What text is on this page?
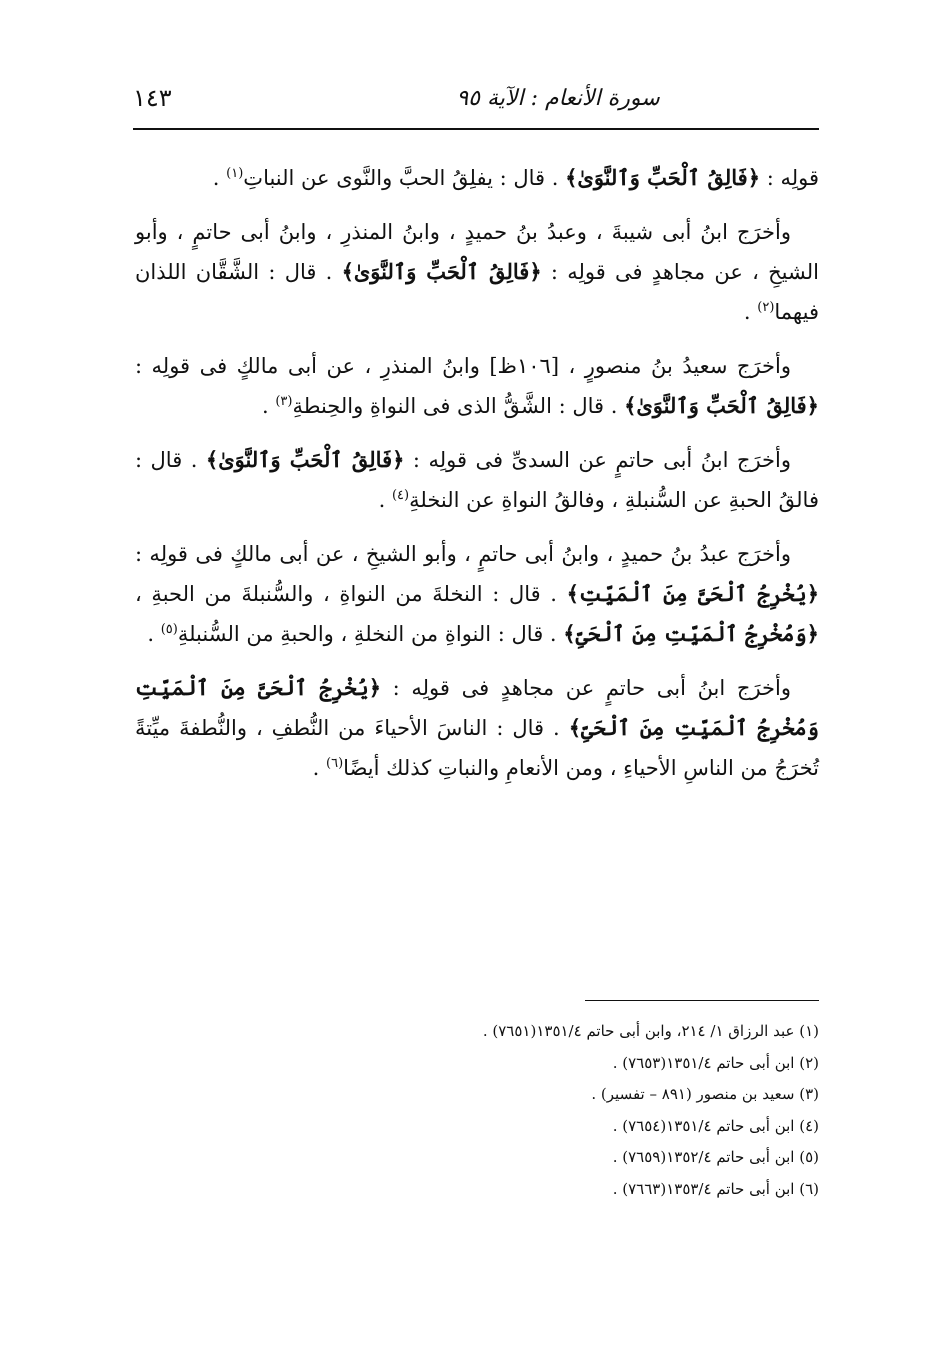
١٤٣	سورة الأنعام : الآية ٩٥

قولِه : ﴿فَالِقُ ٱلْحَبِّ وَٱلنَّوَىٰ﴾ . قال : يفلِقُ الحبَّ والنَّوى عن النباتِ$^{(١)}$ .

وأخرَج ابنُ أبى شيبةَ ، وعبدُ بنُ حميدٍ ، وابنُ المنذرِ ، وابنُ أبى حاتمٍ ، وأبو الشيخِ ، عن مجاهدٍ فى قولِه : ﴿فَالِقُ ٱلْحَبِّ وَٱلنَّوَىٰ﴾ . قال : الشَّقَّان اللذان فيهما$^{(٢)}$ .

وأخرَج سعيدُ بنُ منصورٍ ، [١٠٦ظ] وابنُ المنذرِ ، عن أبى مالكٍ فى قولِه : ﴿فَالِقُ ٱلْحَبِّ وَٱلنَّوَىٰ﴾ . قال : الشَّقُّ الذى فى النواةِ والحِنطةِ$^{(٣)}$ .

وأخرَج ابنُ أبى حاتمٍ عن السدىِّ فى قولِه : ﴿فَالِقُ ٱلْحَبِّ وَٱلنَّوَىٰ﴾ . قال : فالقُ الحبةِ عن السُّنبلةِ ، وفالقُ النواةِ عن النخلةِ$^{(٤)}$ .

وأخرَج عبدُ بنُ حميدٍ ، وابنُ أبى حاتمٍ ، وأبو الشيخِ ، عن أبى مالكٍ فى قولِه : ﴿يُخْرِجُ ٱلْحَىَّ مِنَ ٱلْمَيِّتِ﴾ . قال : النخلةَ من النواةِ ، والسُّنبلةَ من الحبةِ ، ﴿وَمُخْرِجُ ٱلْمَيِّتِ مِنَ ٱلْحَىِّ﴾ . قال : النواةِ من النخلةِ ، والحبةِ من السُّنبلةِ$^{(٥)}$ .

وأخرَج ابنُ أبى حاتمٍ عن مجاهدٍ فى قولِه : ﴿يُخْرِجُ ٱلْحَىَّ مِنَ ٱلْمَيِّتِ وَمُخْرِجُ ٱلْمَيِّتِ مِنَ ٱلْحَىِّ﴾ . قال : الناسَ الأحياءَ من النُّطفِ ، والنُّطفةَ ميِّتةً تُخرَجُ من الناسِ الأحياءِ ، ومن الأنعامِ والنباتِ كذلك أيضًا$^{(٦)}$ .

(١) عبد الرزاق ١/ ٢١٤، وابن أبى حاتم ١٣٥١/٤(٧٦٥١) .

(٢) ابن أبى حاتم ١٣٥١/٤(٧٦٥٣) .

(٣) سعيد بن منصور (٨٩١ – تفسير) .

(٤) ابن أبى حاتم ١٣٥١/٤(٧٦٥٤) .

(٥) ابن أبى حاتم ١٣٥٢/٤(٧٦٥٩) .

(٦) ابن أبى حاتم ١٣٥٣/٤(٧٦٦٣) .
